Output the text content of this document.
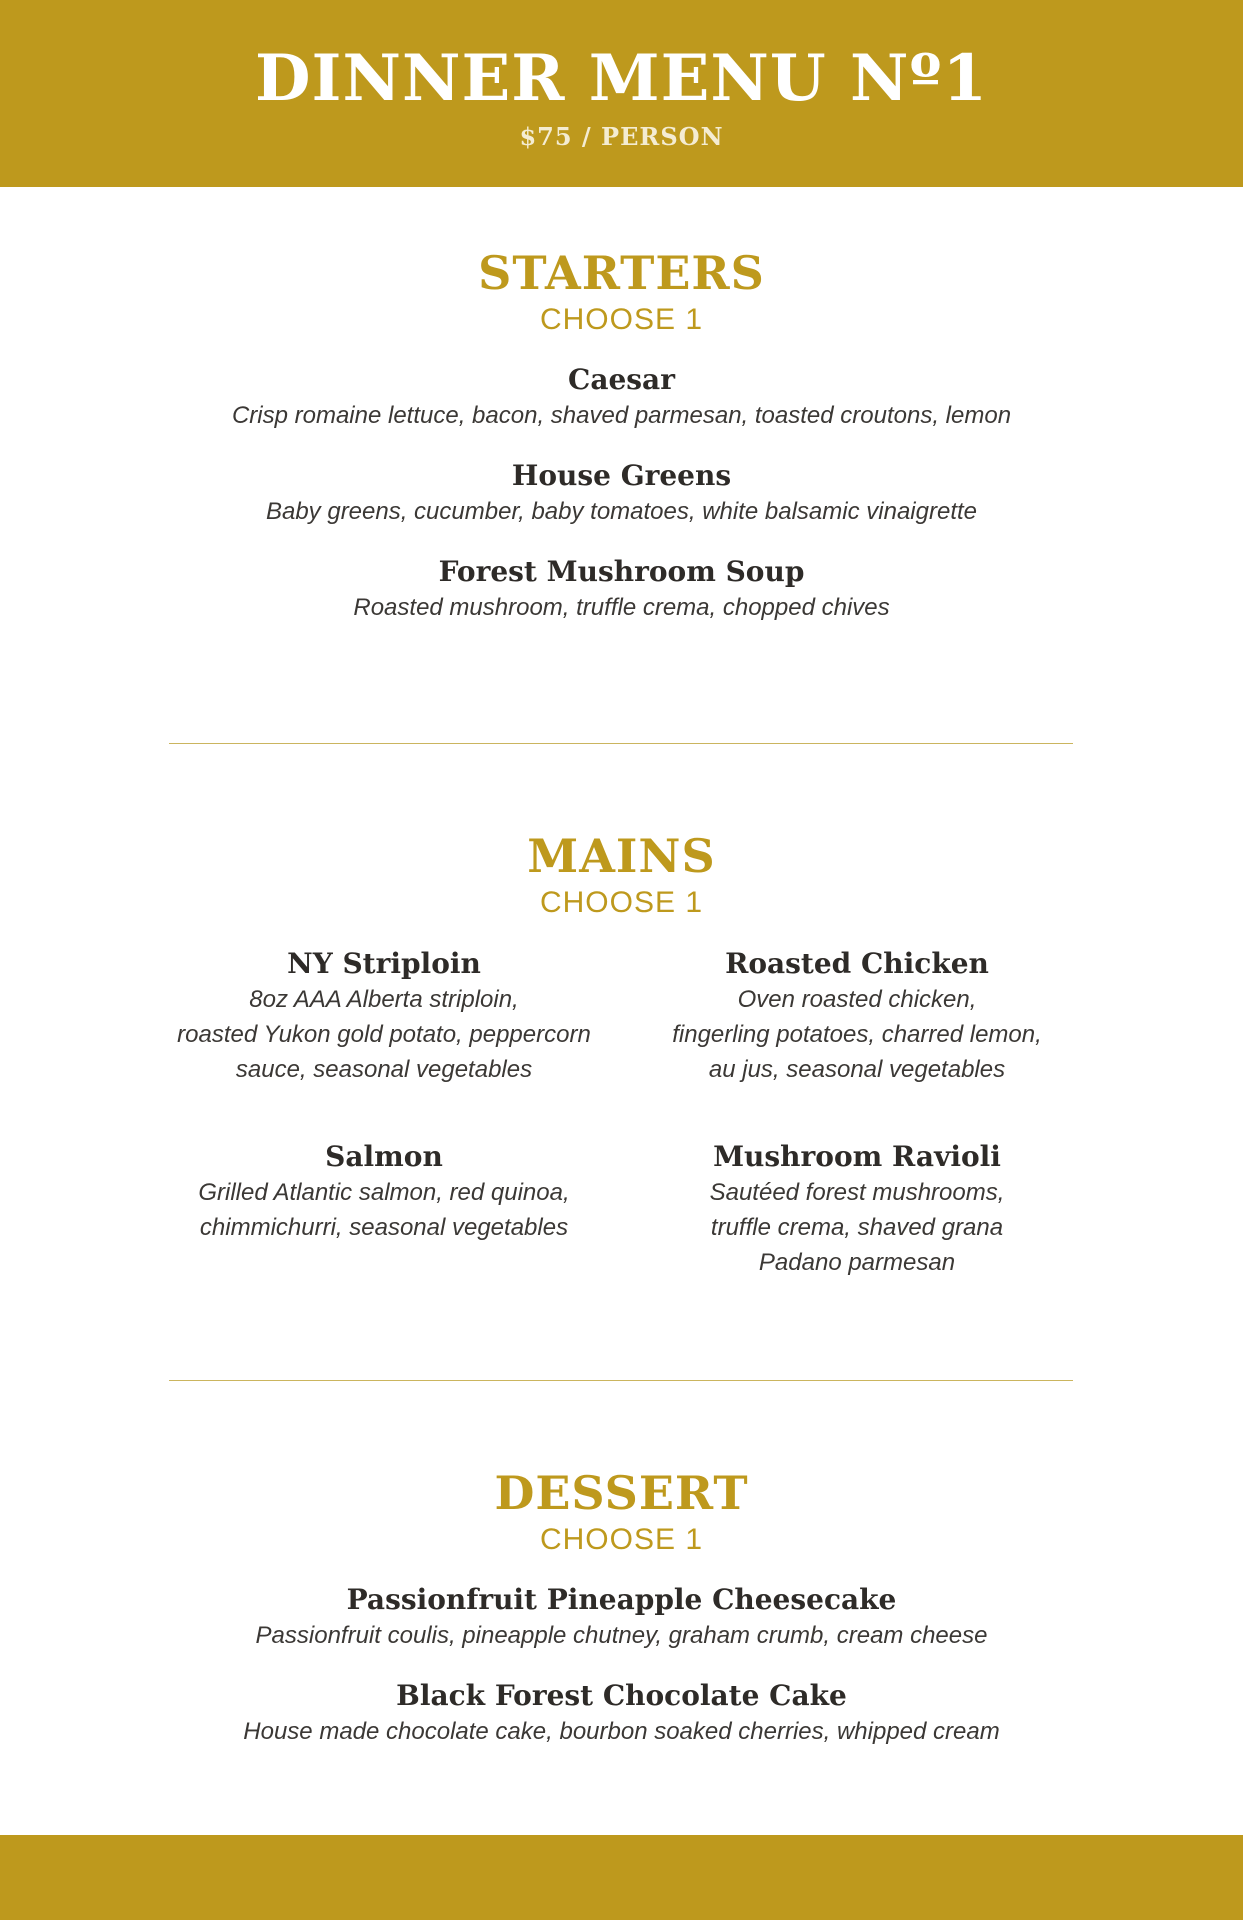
DINNER MENU Nº1
$75 / PERSON
STARTERS
CHOOSE 1
Caesar
Crisp romaine lettuce, bacon, shaved parmesan, toasted croutons, lemon
House Greens
Baby greens, cucumber, baby tomatoes, white balsamic vinaigrette
Forest Mushroom Soup
Roasted mushroom, truffle crema, chopped chives
MAINS
CHOOSE 1
NY Striploin
8oz AAA Alberta striploin,
roasted Yukon gold potato, peppercorn
sauce, seasonal vegetables
Roasted Chicken
Oven roasted chicken,
fingerling potatoes, charred lemon,
au jus, seasonal vegetables
Salmon
Grilled Atlantic salmon, red quinoa,
chimmichurri, seasonal vegetables
Mushroom Ravioli
Sautéed forest mushrooms,
truffle crema, shaved grana
Padano parmesan
DESSERT
CHOOSE 1
Passionfruit Pineapple Cheesecake
Passionfruit coulis, pineapple chutney, graham crumb, cream cheese
Black Forest Chocolate Cake
House made chocolate cake, bourbon soaked cherries, whipped cream
